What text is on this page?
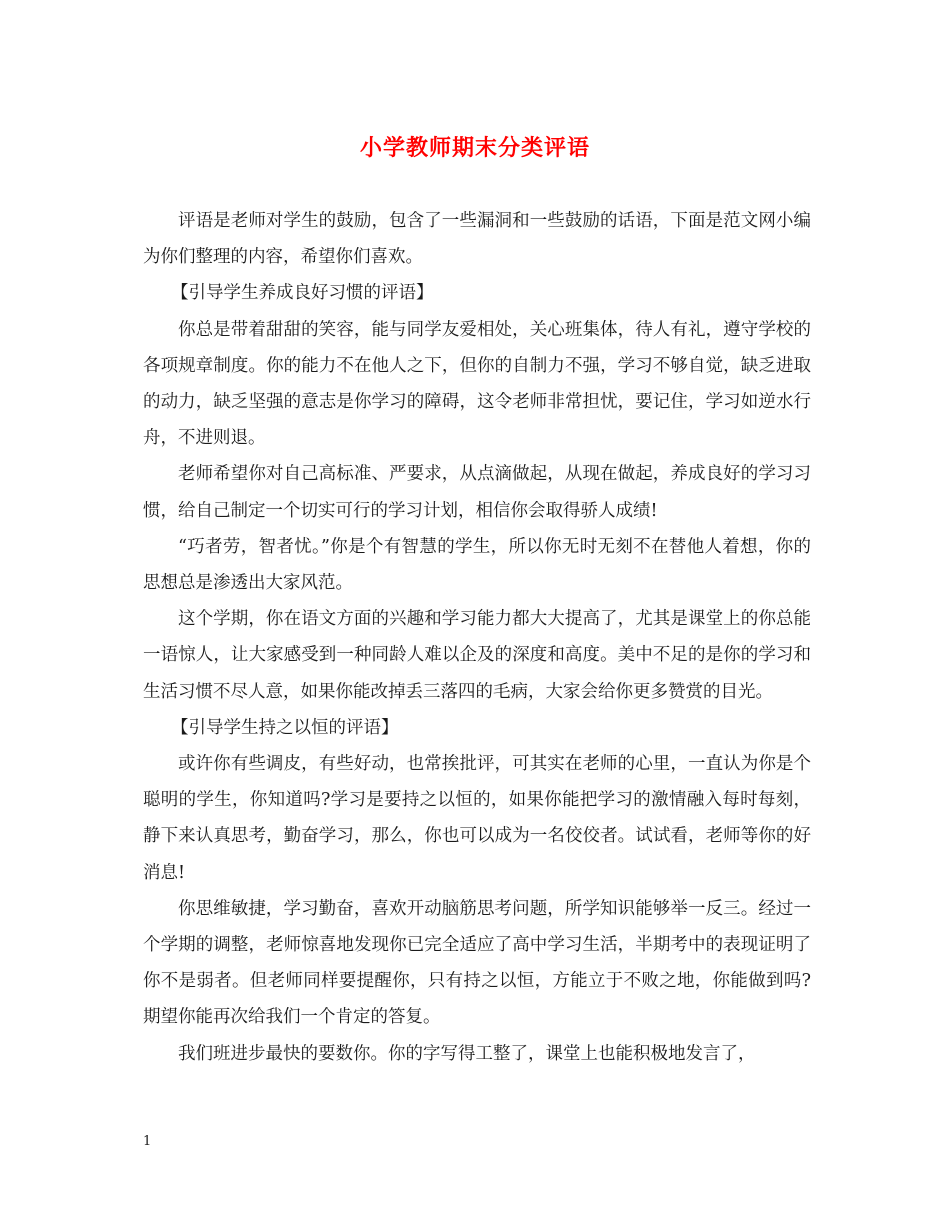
小学教师期末分类评语

评语是老师对学生的鼓励，包含了一些漏洞和一些鼓励的话语，下面是范文网小编为你们整理的内容，希望你们喜欢。

【引导学生养成良好习惯的评语】

你总是带着甜甜的笑容，能与同学友爱相处，关心班集体，待人有礼，遵守学校的各项规章制度。你的能力不在他人之下，但你的自制力不强，学习不够自觉，缺乏进取的动力，缺乏坚强的意志是你学习的障碍，这令老师非常担忧，要记住，学习如逆水行舟，不进则退。

老师希望你对自己高标准、严要求，从点滴做起，从现在做起，养成良好的学习习惯，给自己制定一个切实可行的学习计划，相信你会取得骄人成绩!

“巧者劳，智者忧。”你是个有智慧的学生，所以你无时无刻不在替他人着想，你的思想总是渗透出大家风范。

这个学期，你在语文方面的兴趣和学习能力都大大提高了，尤其是课堂上的你总能一语惊人，让大家感受到一种同龄人难以企及的深度和高度。美中不足的是你的学习和生活习惯不尽人意，如果你能改掉丢三落四的毛病，大家会给你更多赞赏的目光。

【引导学生持之以恒的评语】

或许你有些调皮，有些好动，也常挨批评，可其实在老师的心里，一直认为你是个聪明的学生，你知道吗?学习是要持之以恒的，如果你能把学习的激情融入每时每刻，静下来认真思考，勤奋学习，那么，你也可以成为一名佼佼者。试试看，老师等你的好消息!

你思维敏捷，学习勤奋，喜欢开动脑筋思考问题，所学知识能够举一反三。经过一个学期的调整，老师惊喜地发现你已完全适应了高中学习生活，半期考中的表现证明了你不是弱者。但老师同样要提醒你，只有持之以恒，方能立于不败之地，你能做到吗?期望你能再次给我们一个肯定的答复。

我们班进步最快的要数你。你的字写得工整了，课堂上也能积极地发言了，

1
